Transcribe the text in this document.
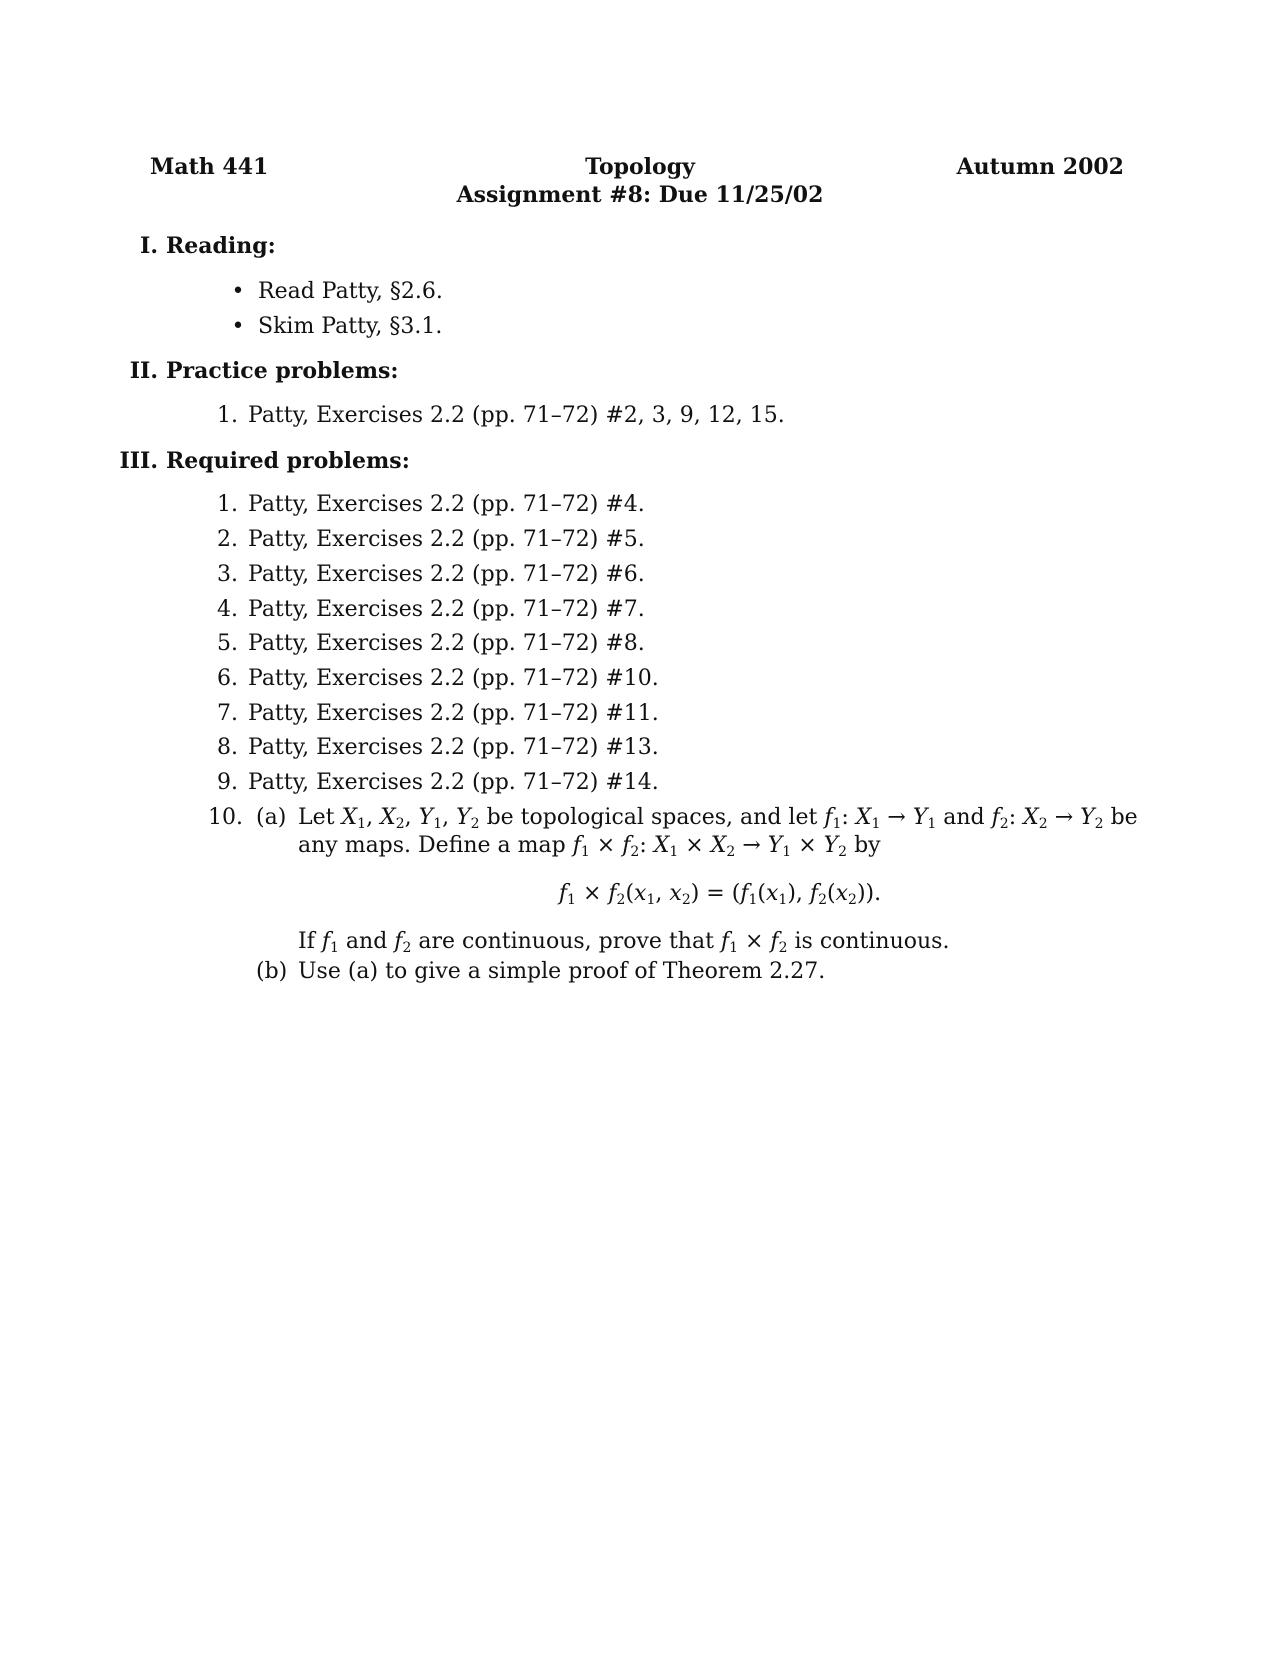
Math 441	Topology
Assignment #8: Due 11/25/02
Autumn 2002
I. Reading:
• Read Patty, §2.6.
• Skim Patty, §3.1.
II. Practice problems:
1. Patty, Exercises 2.2 (pp. 71–72) #2, 3, 9, 12, 15.
III. Required problems:
1. Patty, Exercises 2.2 (pp. 71–72) #4.
2. Patty, Exercises 2.2 (pp. 71–72) #5.
3. Patty, Exercises 2.2 (pp. 71–72) #6.
4. Patty, Exercises 2.2 (pp. 71–72) #7.
5. Patty, Exercises 2.2 (pp. 71–72) #8.
6. Patty, Exercises 2.2 (pp. 71–72) #10.
7. Patty, Exercises 2.2 (pp. 71–72) #11.
8. Patty, Exercises 2.2 (pp. 71–72) #13.
9. Patty, Exercises 2.2 (pp. 71–72) #14.
10. (a) Let $X_1$, $X_2$, $Y_1$, $Y_2$ be topological spaces, and let $f_1$: $X_1 \to Y_1$ and $f_2$: $X_2 \to Y_2$ be
any maps. Define a map $f_1 \times f_2$: $X_1 \times X_2 \to Y_1 \times Y_2$ by
$f_1 \times f_2(x_1$, $x_2) = (f_1(x_1)$, $f_2(x_2)$).
If $f_1$ and $f_2$ are continuous, prove that $f_1 \times f_2$ is continuous.
(b) Use (a) to give a simple proof of Theorem 2.27.
